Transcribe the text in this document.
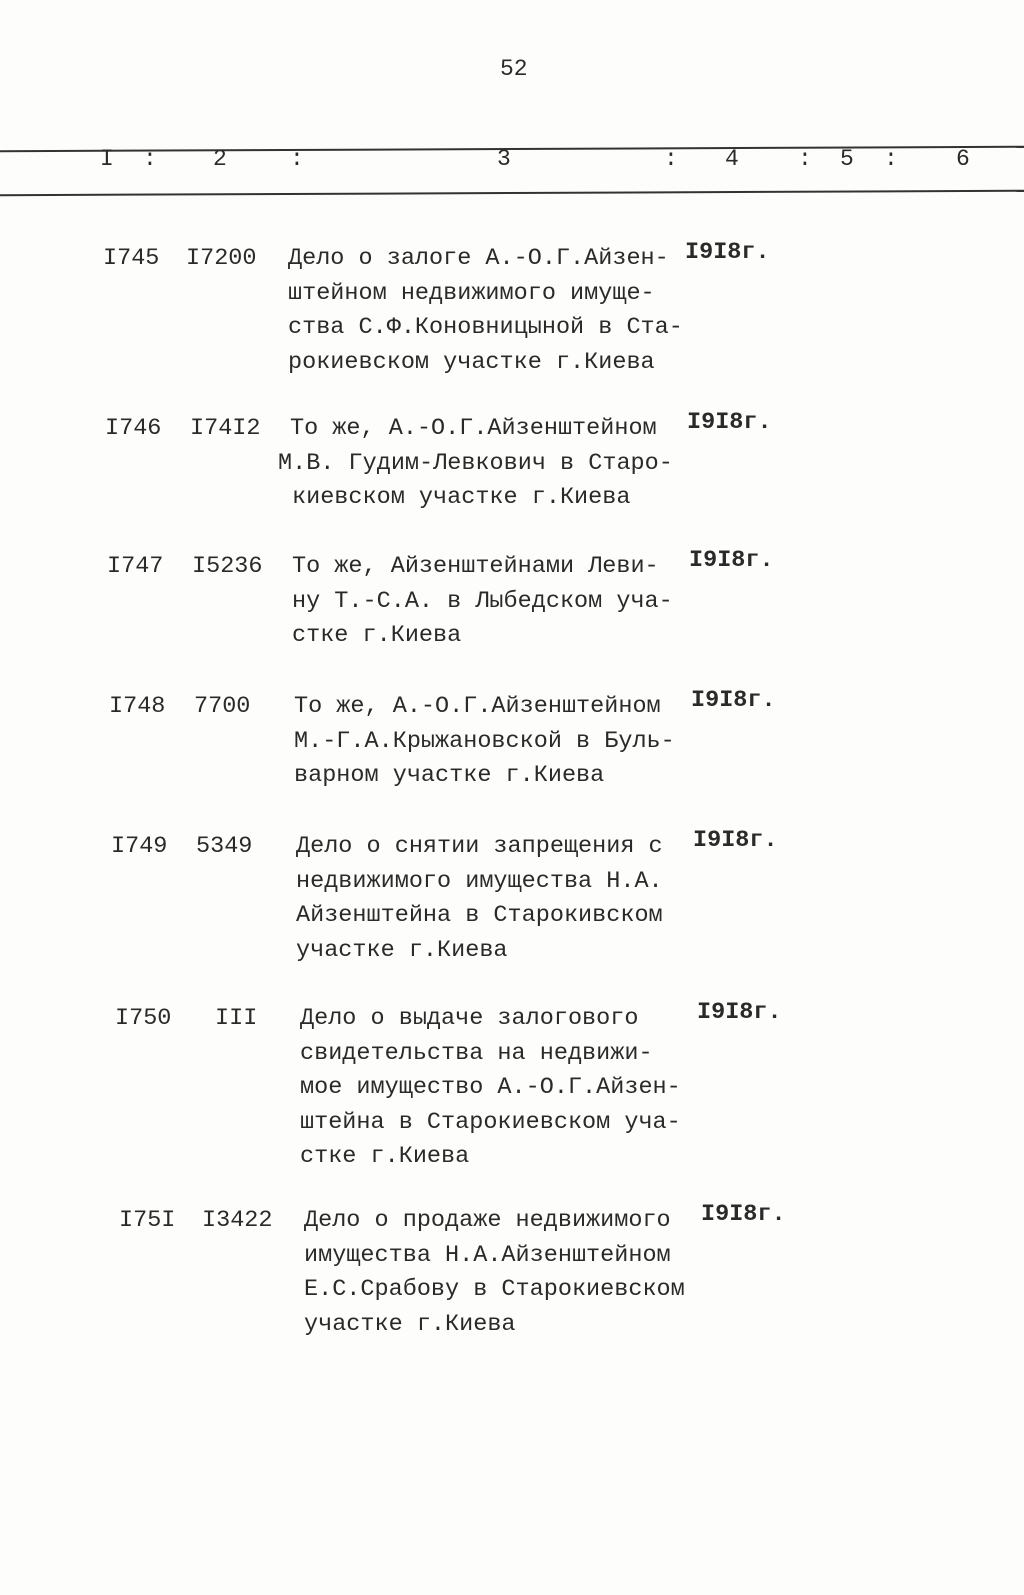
52
I : 2	:	3	: 4	: 5 :	6
I745 I7200 Дело о залоге А.-О.Г.Айзен-
штейном недвижимого имуще-
ства С.Ф.Коновницыной в Ста-
рокиевском участке г.Киева
I9I8г.
I746 I74I2 То же, А.-О.Г.Айзенштейном
М.В. Гудим-Левкович в Старо-
киевском участке г.Киева
I9I8г.
I747 I5236 То же, Айзенштейнами Леви-
ну Т.-С.А. в Лыбедском уча-
стке г.Киева
I9I8г.
I748 7700 То же, А.-О.Г.Айзенштейном
М.-Г.А.Крыжановской в Буль-
варном участке г.Киева
I9I8г.
I749 5349 Дело о снятии запрещения с
недвижимого имущества Н.А.
Айзенштейна в Старокивском
участке г.Киева
I9I8г.
I750 III Дело о выдаче залогового
свидетельства на недвижи-
мое имущество А.-О.Г.Айзен-
штейна в Старокиевском уча-
стке г.Киева
I9I8г.
I75I I3422 Дело о продаже недвижимого
имущества Н.А.Айзенштейном
Е.С.Срабову в Старокиевском
участке г.Киева
I9I8г.
